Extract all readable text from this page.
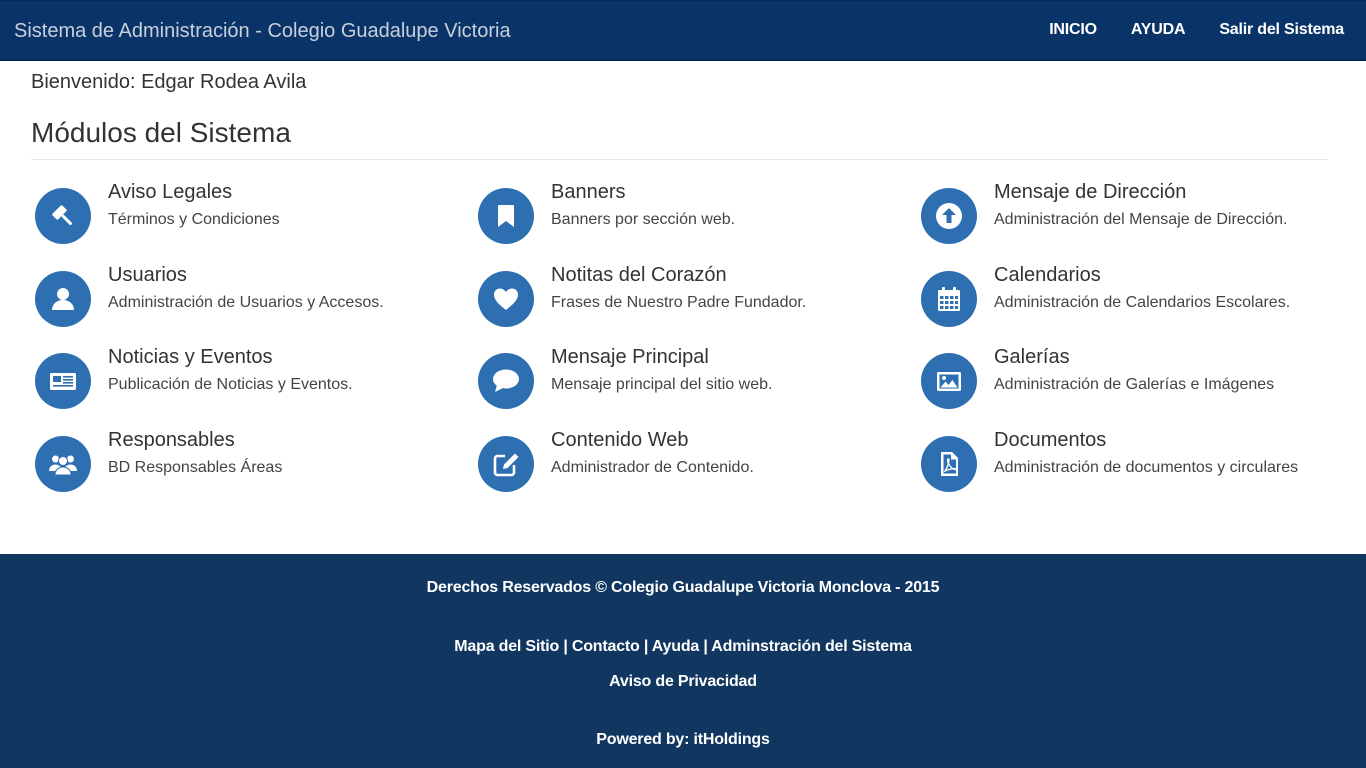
Sistema de Administración - Colegio Guadalupe Victoria	INICIO AYUDA Salir del Sistema
Bienvenido: Edgar Rodea Avila
Módulos del Sistema
Aviso Legales
Términos y Condiciones
Banners
Banners por sección web.
Mensaje de Dirección
Administración del Mensaje de Dirección.
Usuarios
Administración de Usuarios y Accesos.
Notitas del Corazón
Frases de Nuestro Padre Fundador.
Calendarios
Administración de Calendarios Escolares.
Noticias y Eventos
Publicación de Noticias y Eventos.
Mensaje Principal
Mensaje principal del sitio web.
Galerías
Administración de Galerías e Imágenes
Responsables
BD Responsables Áreas
Contenido Web
Administrador de Contenido.
Documentos
Administración de documentos y circulares
Derechos Reservados © Colegio Guadalupe Victoria Monclova - 2015
Mapa del Sitio | Contacto | Ayuda | Adminstración del Sistema
Aviso de Privacidad
Powered by: itHoldings
